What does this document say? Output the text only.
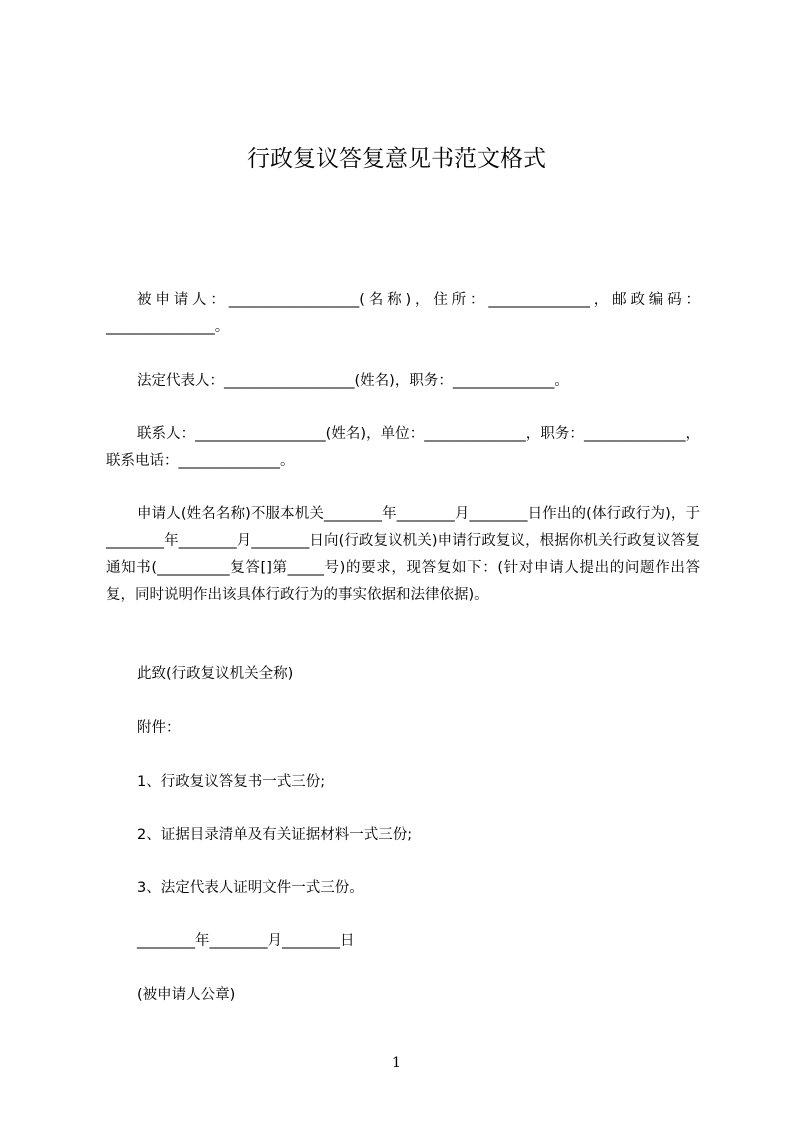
行政复议答复意见书范文格式
被申请人：__________________(名称)，住所：______________，邮政编码：_______________。
法定代表人：__________________(姓名)，职务：______________。
联系人：__________________(姓名)，单位：______________，职务：______________，联系电话：______________。
申请人(姓名名称)不服本机关________年________月________日作出的(体行政行为)，于________年________月________日向(行政复议机关)申请行政复议，根据你机关行政复议答复通知书(__________复答[]第_____号)的要求，现答复如下：(针对申请人提出的问题作出答复，同时说明作出该具体行政行为的事实依据和法律依据)。
此致(行政复议机关全称)
附件：
1、行政复议答复书一式三份;
2、证据目录清单及有关证据材料一式三份;
3、法定代表人证明文件一式三份。
________年________月________日
(被申请人公章)
1
